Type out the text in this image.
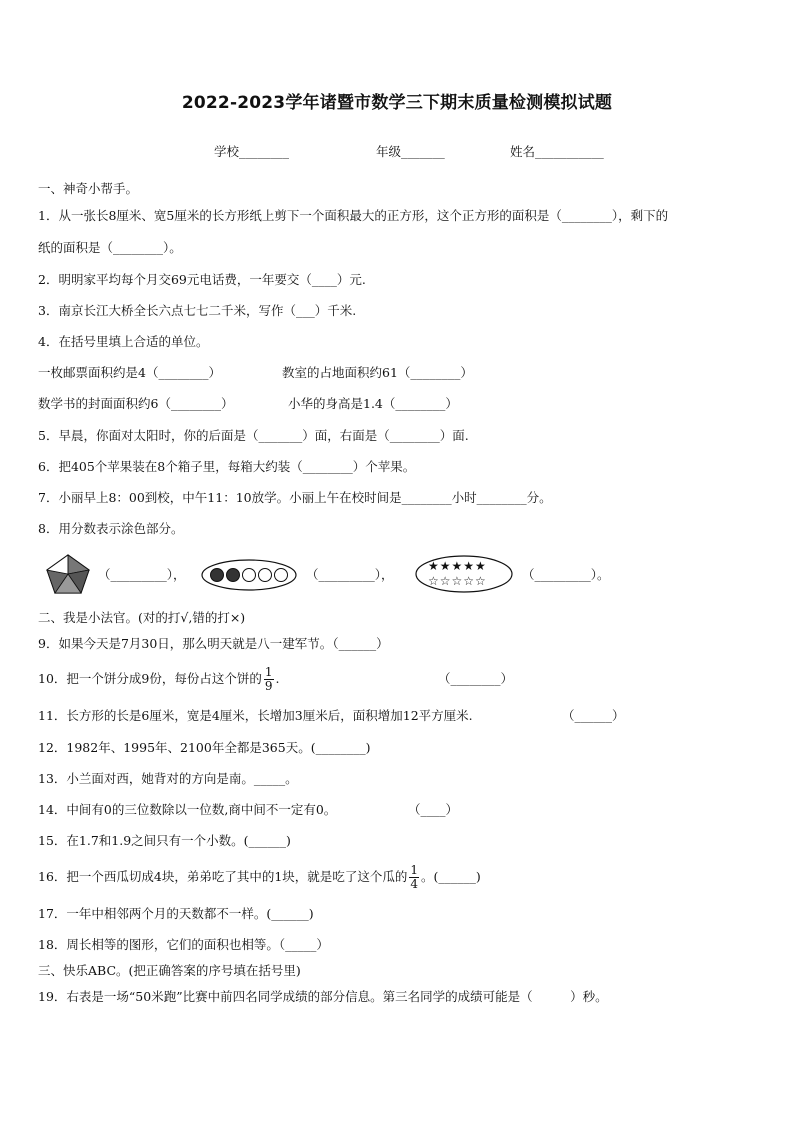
2022-2023学年诸暨市数学三下期末质量检测模拟试题
学校________	年级_______	姓名___________
一、神奇小帮手。
1．从一张长8厘米、宽5厘米的长方形纸上剪下一个面积最大的正方形，这个正方形的面积是（________），剩下的
纸的面积是（________）。
2．明明家平均每个月交69元电话费，一年要交（____）元.
3．南京长江大桥全长六点七七二千米，写作（___）千米.
4．在括号里填上合适的单位。
一枚邮票面积约是4（________）	教室的占地面积约61（________）
数学书的封面面积约6（________）	小华的身高是1.4（________）
5．早晨，你面对太阳时，你的后面是（_______）面，右面是（________）面.
6．把405个苹果装在8个箱子里，每箱大约装（________）个苹果。
7．小丽早上8：00到校，中午11：10放学。小丽上午在校时间是________小时________分。
8．用分数表示涂色部分。
（_________），	（_________），
★★★★★
☆☆☆☆☆	（_________）。
二、我是小法官。(对的打√,错的打×)
9．如果今天是7月30日，那么明天就是八一建军节。（______）
10．把一个饼分成9份，每份占这个饼的 $\frac{1}{9}$ .	（________）
11．长方形的长是6厘米，宽是4厘米，长增加3厘米后，面积增加12平方厘米.	（______）
12．1982年、1995年、2100年全都是365天。(________)
13．小兰面对西，她背对的方向是南。_____。
14．中间有0的三位数除以一位数,商中间不一定有0。	（____）
15．在1.7和1.9之间只有一个小数。(______)
16．把一个西瓜切成4块，弟弟吃了其中的1块，就是吃了这个瓜的 $\frac{1}{4}$ 。(______)
17．一年中相邻两个月的天数都不一样。(______)
18．周长相等的图形，它们的面积也相等。（_____）
三、快乐ABC。(把正确答案的序号填在括号里)
19．右表是一场“50米跑”比赛中前四名同学成绩的部分信息。第三名同学的成绩可能是（　　　）秒。
